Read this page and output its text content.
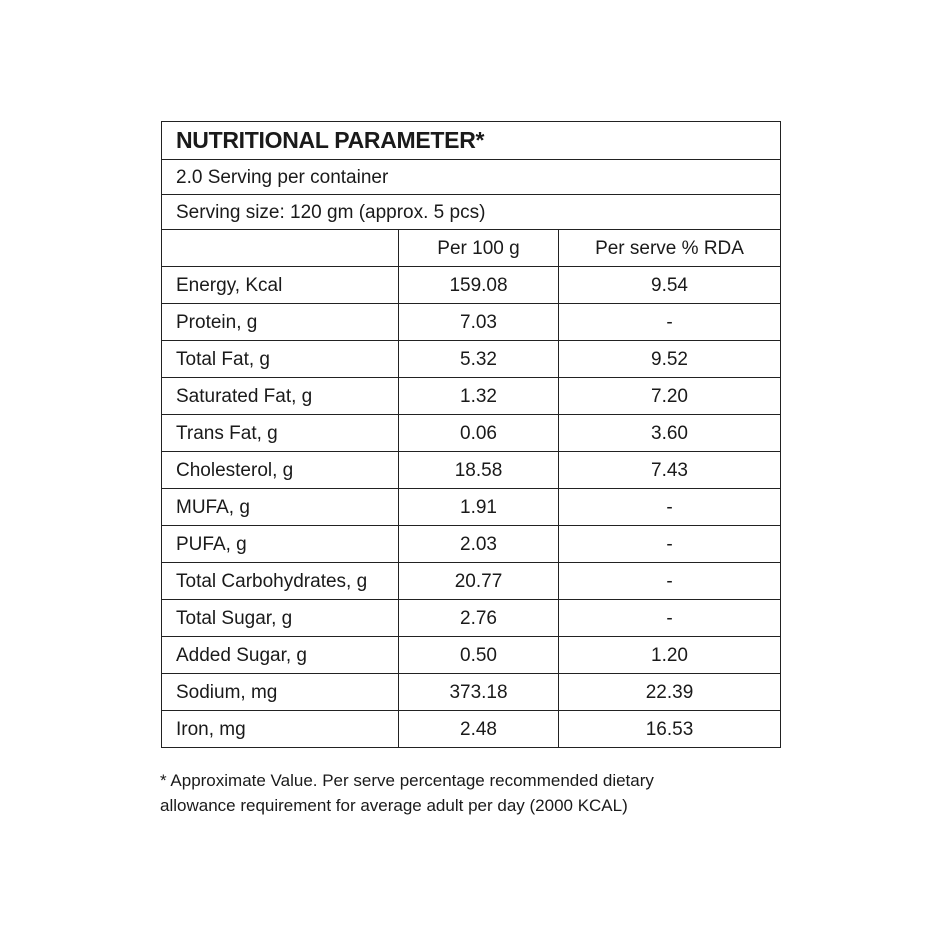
NUTRITIONAL PARAMETER*		
2.0 Serving per container		
Serving size: 120 gm (approx. 5 pcs)		
	Per 100 g	Per serve % RDA
Energy, Kcal	159.08	9.54
Protein, g	7.03	-
Total Fat, g	5.32	9.52
Saturated Fat, g	1.32	7.20
Trans Fat, g	0.06	3.60
Cholesterol, g	18.58	7.43
MUFA, g	1.91	-
PUFA, g	2.03	-
Total Carbohydrates, g	20.77	-
Total Sugar, g	2.76	-
Added Sugar, g	0.50	1.20
Sodium, mg	373.18	22.39
Iron, mg	2.48	16.53
* Approximate Value. Per serve percentage recommended dietary
allowance requirement for average adult per day (2000 KCAL)
